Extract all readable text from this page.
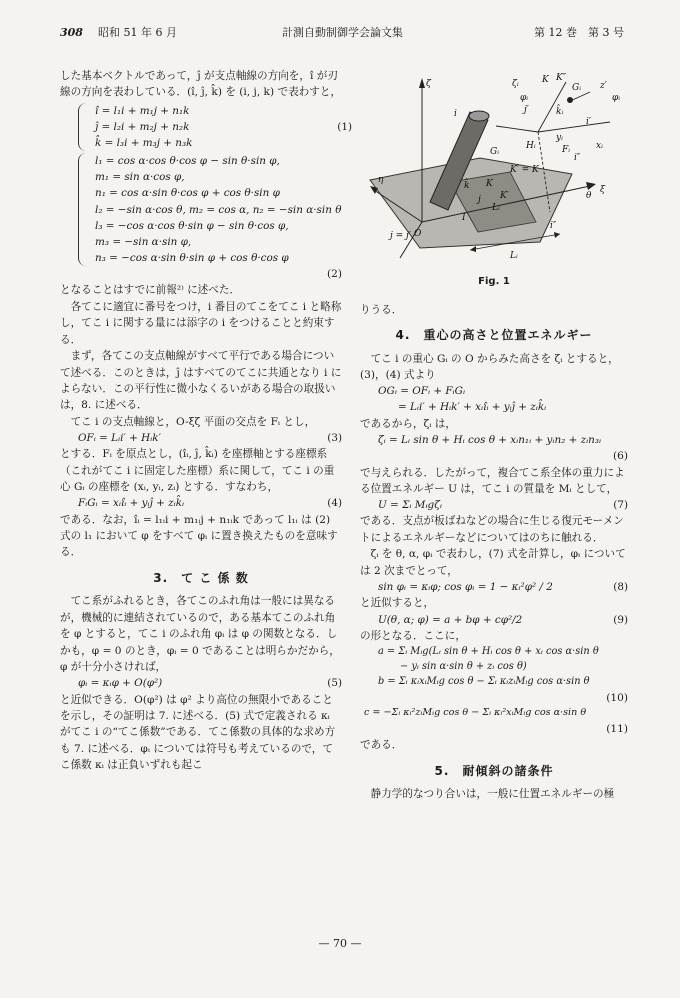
308 昭和 51 年 6 月	計測自動制御学会論文集	第 12 巻　第 3 号

した基本ベクトルであって，ĵ が支点軸線の方向を，î が刃線の方向を表わしている．(î, ĵ, k̂) を (i, j, k) で表わすと，

î = l₁i + m₁j + n₁k
ĵ = l₂i + m₂j + n₂k	(1)
k̂ = l₃i + m₃j + n₃k
l₁ = cos α·cos θ·cos φ − sin θ·sin φ,
m₁ = sin α·cos φ,
n₁ = cos α·sin θ·cos φ + cos θ·sin φ
l₂ = −sin α·cos θ, m₂ = cos α, n₂ = −sin α·sin θ
l₃ = −cos α·cos θ·sin φ − sin θ·cos φ,
m₃ = −sin α·sin φ,
n₃ = −cos α·sin θ·sin φ + cos θ·cos φ
(2)

となることはすでに前報²⁾ に述べた．

各てこに適宜に番号をつけ，i 番目のてこをてこ i と略称し，てこ i に関する量には添字の i をつけることと約束する．

まず，各てこの支点軸線がすべて平行である場合について述べる．このときは，ĵ はすべてのてこに共通となり i によらない．この平行性に微小なくるいがある場合の取扱いは，8. に述べる．

てこ i の支点軸線と，O-ξζ 平面の交点を Fᵢ とし，

OFᵢ = Lᵢi′ + Hᵢk′	(3)

とする．Fᵢ を原点とし，(îᵢ, ĵ, k̂ᵢ) を座標軸とする座標系（これがてこ i に固定した座標）系に関して，てこ i の重心 Gᵢ の座標を (xᵢ, yᵢ, zᵢ) とする．すなわち，

FᵢGᵢ = xᵢîᵢ + yᵢĵ + zᵢk̂ᵢ	(4)

である．なお，îᵢ = l₁ᵢi + m₁ᵢj + n₁ᵢk であって l₁ᵢ は (2) 式の l₁ において φ をすべて φᵢ に置き換えたものを意味する．

3.　て こ 係 数

てこ系がふれるとき，各てこのふれ角は一般には異なるが，機械的に連結されているので，ある基本てこのふれ角を φ とすると，てこ i のふれ角 φᵢ は φ の関数となる．しかも，φ = 0 のとき，φᵢ = 0 であることは明らかだから，φ が十分小さければ，

φᵢ = κᵢφ + O(φ²)	(5)

と近似できる．O(φ²) は φ² より高位の無限小であることを示し，その証明は 7. に述べる．(5) 式で定義される κᵢ がてこ i の“てこ係数”である．てこ係数の具体的な求め方も 7. に述べる．φᵢ については符号も考えているので，てこ係数 κᵢ は正負いずれも起こ

ζ
i
ζᵢ
φᵢ
K K″
Gᵢ z′
φᵢ
i′
j′	k̂ᵢ
Hᵢ
yᵢ
Fᵢ	xᵢ
i″
K′ = K
K
k̂
η
Gᵢ
j
Lᵢ
K′
I
θ
ξ
j = j′ O
Lᵢ
i″
Fig. 1

りうる．

4.　重心の高さと位置エネルギー

てこ i の重心 Gᵢ の O からみた高さを ζᵢ とすると，(3)，(4) 式より

OGᵢ = OFᵢ + FᵢGᵢ
= Lᵢi′ + Hᵢk′ + xᵢîᵢ + yᵢĵ + zᵢk̂ᵢ

であるから，ζᵢ は，

ζᵢ = Lᵢ sin θ + Hᵢ cos θ + xᵢn₁ᵢ + yᵢn₂ + zᵢn₃ᵢ
(6)

で与えられる．したがって，複合てこ系全体の重力による位置エネルギー U は，てこ i の質量を Mᵢ として，

U = Σᵢ Mᵢgζᵢ	(7)

である．支点が板ばねなどの場合に生じる復元モーメントによるエネルギーなどについてはのちに触れる．

ζᵢ を θ, α, φᵢ で表わし，(7) 式を計算し，φᵢ については 2 次までとって，

sin φᵢ = κᵢφ; cos φᵢ = 1 − κᵢ²φ² / 2	(8)

と近似すると，

U(θ, α; φ) = a + bφ + cφ²/2	(9)

の形となる．ここに，

a = Σᵢ Mᵢg(Lᵢ sin θ + Hᵢ cos θ + xᵢ cos α·sin θ
− yᵢ sin α·sin θ + zᵢ cos θ)
b = Σᵢ κᵢxᵢMᵢg cos θ − Σᵢ κᵢzᵢMᵢg cos α·sin θ
(10)
c = −Σᵢ κᵢ²zᵢMᵢg cos θ − Σᵢ κᵢ²xᵢMᵢg cos α·sin θ
(11)

である．

5.　耐傾斜の諸条件

静力学的なつり合いは，一般に仕置エネルギーの極

— 70 —
